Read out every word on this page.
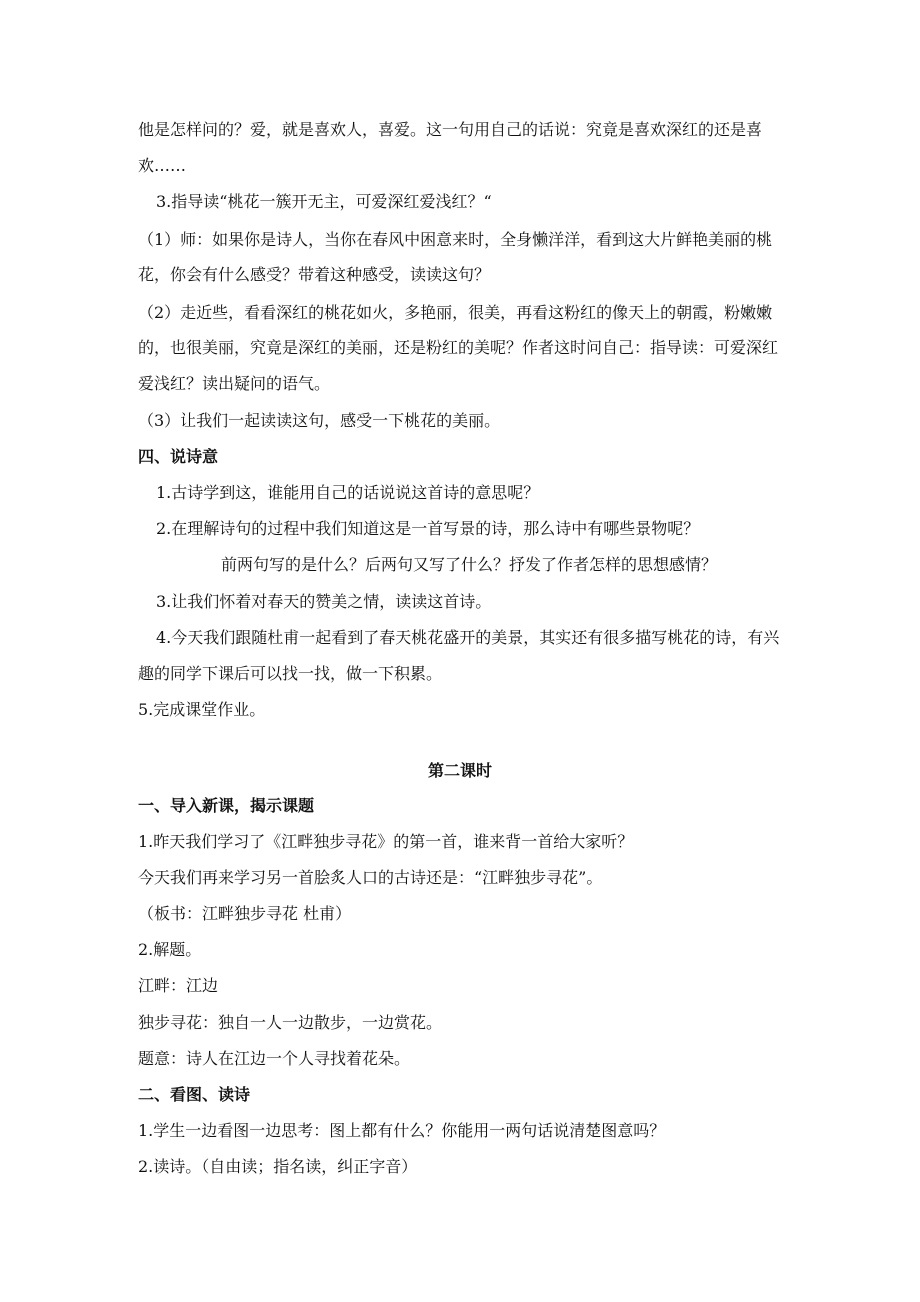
他是怎样问的？爱，就是喜欢人，喜爱。这一句用自己的话说：究竟是喜欢深红的还是喜
欢……
3.指导读“桃花一簇开无主，可爱深红爱浅红？“
（1）师：如果你是诗人，当你在春风中困意来时，全身懒洋洋，看到这大片鲜艳美丽的桃
花，你会有什么感受？带着这种感受，读读这句？
（2）走近些，看看深红的桃花如火，多艳丽，很美，再看这粉红的像天上的朝霞，粉嫩嫩
的，也很美丽，究竟是深红的美丽，还是粉红的美呢？作者这时问自己：指导读：可爱深红
爱浅红？读出疑问的语气。
（3）让我们一起读读这句，感受一下桃花的美丽。
四、说诗意
1.古诗学到这，谁能用自己的话说说这首诗的意思呢？
2.在理解诗句的过程中我们知道这是一首写景的诗，那么诗中有哪些景物呢？
前两句写的是什么？后两句又写了什么？抒发了作者怎样的思想感情？
3.让我们怀着对春天的赞美之情，读读这首诗。
4.今天我们跟随杜甫一起看到了春天桃花盛开的美景，其实还有很多描写桃花的诗，有兴
趣的同学下课后可以找一找，做一下积累。
5.完成课堂作业。
第二课时
一、导入新课，揭示课题
1.昨天我们学习了《江畔独步寻花》的第一首，谁来背一首给大家听？
今天我们再来学习另一首脍炙人口的古诗还是：“江畔独步寻花”。
（板书：江畔独步寻花 杜甫）
2.解题。
江畔：江边
独步寻花：独自一人一边散步，一边赏花。
题意：诗人在江边一个人寻找着花朵。
二、看图、读诗
1.学生一边看图一边思考：图上都有什么？你能用一两句话说清楚图意吗？
2.读诗。（自由读；指名读，纠正字音）
